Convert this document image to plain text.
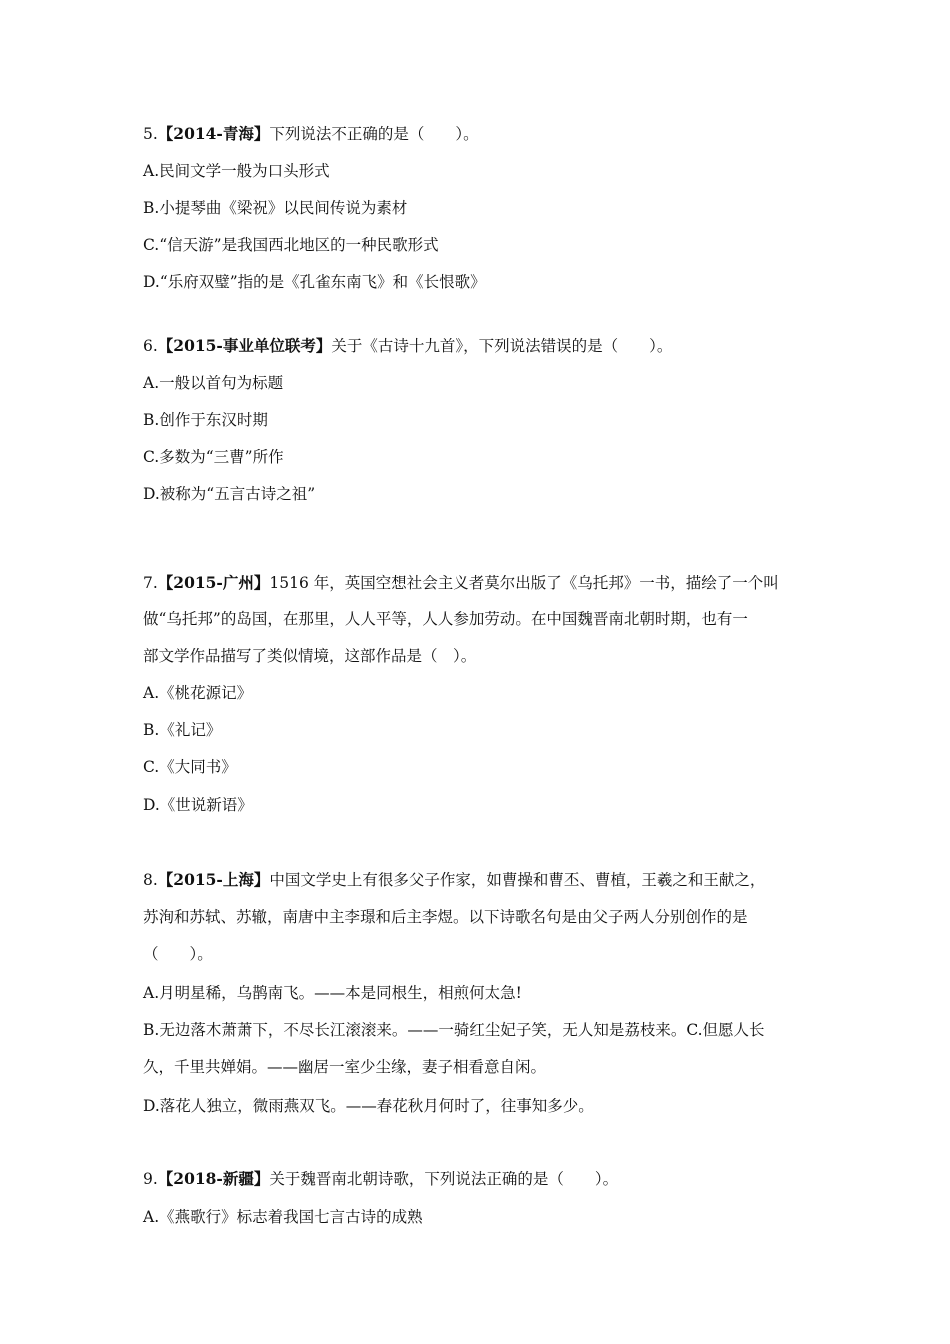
5.【2014-青海】下列说法不正确的是（　　）。
A.民间文学一般为口头形式
B.小提琴曲《梁祝》以民间传说为素材
C.“信天游”是我国西北地区的一种民歌形式
D.“乐府双璧”指的是《孔雀东南飞》和《长恨歌》
6.【2015-事业单位联考】关于《古诗十九首》，下列说法错误的是（　　）。
A.一般以首句为标题
B.创作于东汉时期
C.多数为“三曹”所作
D.被称为“五言古诗之祖”
7.【2015-广州】1516 年，英国空想社会主义者莫尔出版了《乌托邦》一书，描绘了一个叫
做“乌托邦”的岛国，在那里，人人平等，人人参加劳动。在中国魏晋南北朝时期，也有一
部文学作品描写了类似情境，这部作品是（　）。
A.《桃花源记》
B.《礼记》
C.《大同书》
D.《世说新语》
8.【2015-上海】中国文学史上有很多父子作家，如曹操和曹丕、曹植，王羲之和王献之，
苏洵和苏轼、苏辙，南唐中主李璟和后主李煜。以下诗歌名句是由父子两人分别创作的是
（　　）。
A.月明星稀，乌鹊南飞。——本是同根生，相煎何太急!
B.无边落木萧萧下，不尽长江滚滚来。——一骑红尘妃子笑，无人知是荔枝来。C.但愿人长
久，千里共婵娟。——幽居一室少尘缘，妻子相看意自闲。
D.落花人独立，微雨燕双飞。——春花秋月何时了，往事知多少。
9.【2018-新疆】关于魏晋南北朝诗歌，下列说法正确的是（　　）。
A.《燕歌行》标志着我国七言古诗的成熟
